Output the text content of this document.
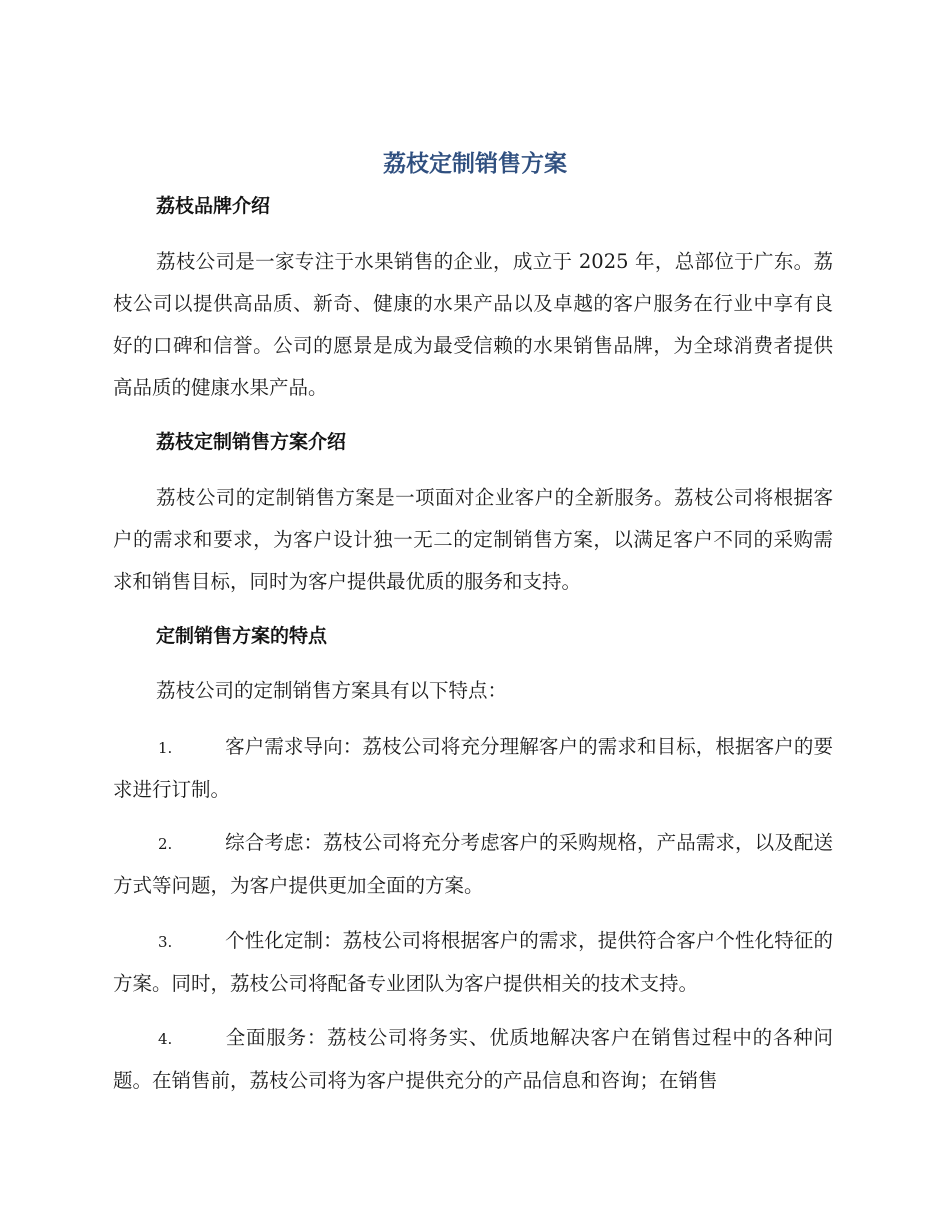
荔枝定制销售方案
荔枝品牌介绍
荔枝公司是一家专注于水果销售的企业，成立于 2025 年，总部位于广东。荔枝公司以提供高品质、新奇、健康的水果产品以及卓越的客户服务在行业中享有良好的口碑和信誉。公司的愿景是成为最受信赖的水果销售品牌，为全球消费者提供高品质的健康水果产品。
荔枝定制销售方案介绍
荔枝公司的定制销售方案是一项面对企业客户的全新服务。荔枝公司将根据客户的需求和要求，为客户设计独一无二的定制销售方案，以满足客户不同的采购需求和销售目标，同时为客户提供最优质的服务和支持。
定制销售方案的特点
荔枝公司的定制销售方案具有以下特点：
1.	客户需求导向：荔枝公司将充分理解客户的需求和目标，根据客户的要求进行订制。
2.	综合考虑：荔枝公司将充分考虑客户的采购规格，产品需求，以及配送方式等问题，为客户提供更加全面的方案。
3.	个性化定制：荔枝公司将根据客户的需求，提供符合客户个性化特征的方案。同时，荔枝公司将配备专业团队为客户提供相关的技术支持。
4.	全面服务：荔枝公司将务实、优质地解决客户在销售过程中的各种问题。在销售前，荔枝公司将为客户提供充分的产品信息和咨询；在销售
